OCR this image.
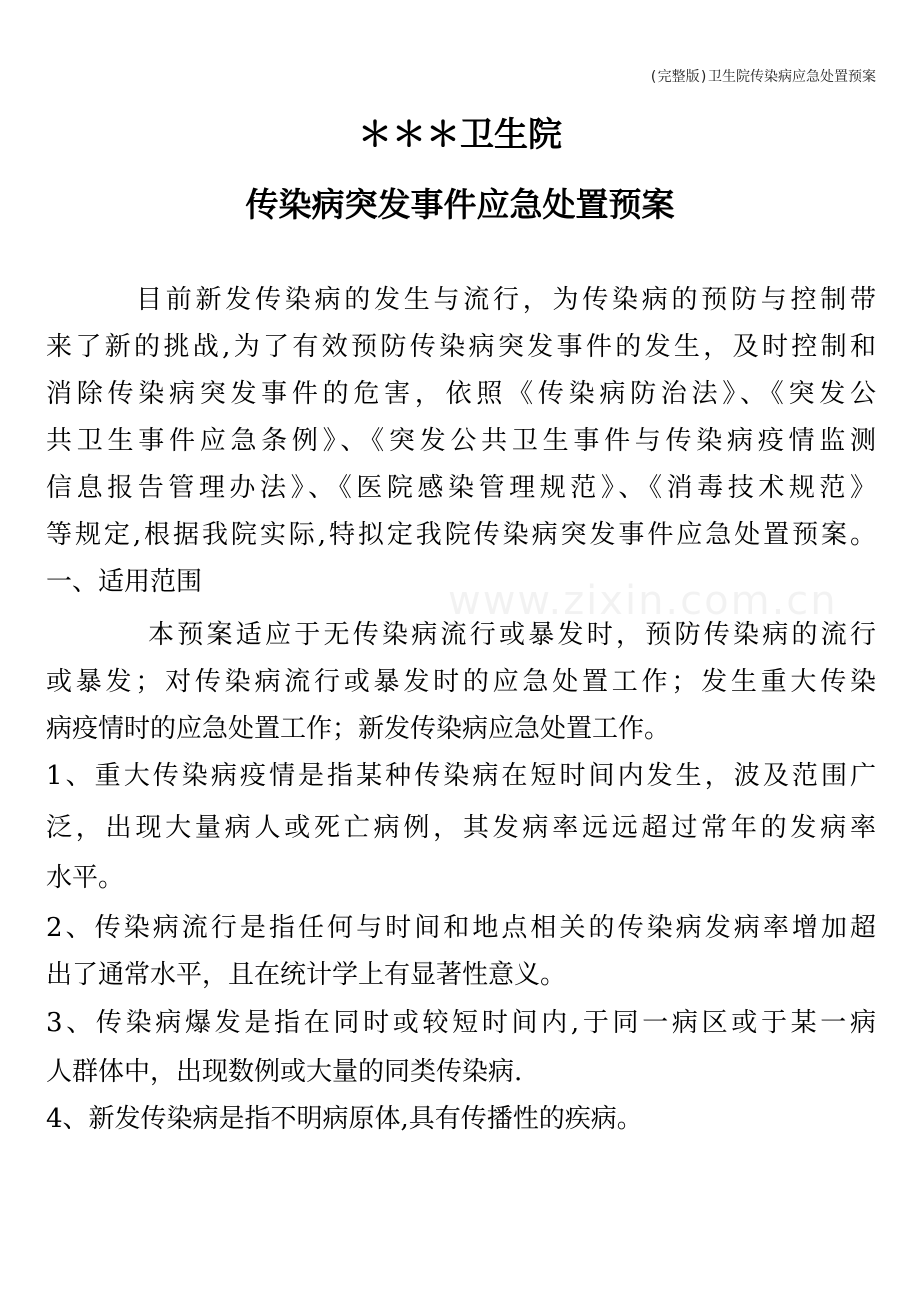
(完整版)卫生院传染病应急处置预案
＊＊＊卫生院
传染病突发事件应急处置预案
www.zixin.com.cn
目前新发传染病的发生与流行，为传染病的预防与控制带
来了新的挑战,为了有效预防传染病突发事件的发生，及时控制和
消除传染病突发事件的危害，依照《传染病防治法》、《突发公
共卫生事件应急条例》、《突发公共卫生事件与传染病疫情监测
信息报告管理办法》、《医院感染管理规范》、《消毒技术规范》
等规定,根据我院实际,特拟定我院传染病突发事件应急处置预案。
一、适用范围
本预案适应于无传染病流行或暴发时，预防传染病的流行
或暴发；对传染病流行或暴发时的应急处置工作；发生重大传染
病疫情时的应急处置工作；新发传染病应急处置工作。
1、重大传染病疫情是指某种传染病在短时间内发生，波及范围广
泛，出现大量病人或死亡病例，其发病率远远超过常年的发病率
水平。
2、传染病流行是指任何与时间和地点相关的传染病发病率增加超
出了通常水平，且在统计学上有显著性意义。
3、传染病爆发是指在同时或较短时间内,于同一病区或于某一病
人群体中，出现数例或大量的同类传染病.
4、新发传染病是指不明病原体,具有传播性的疾病。
